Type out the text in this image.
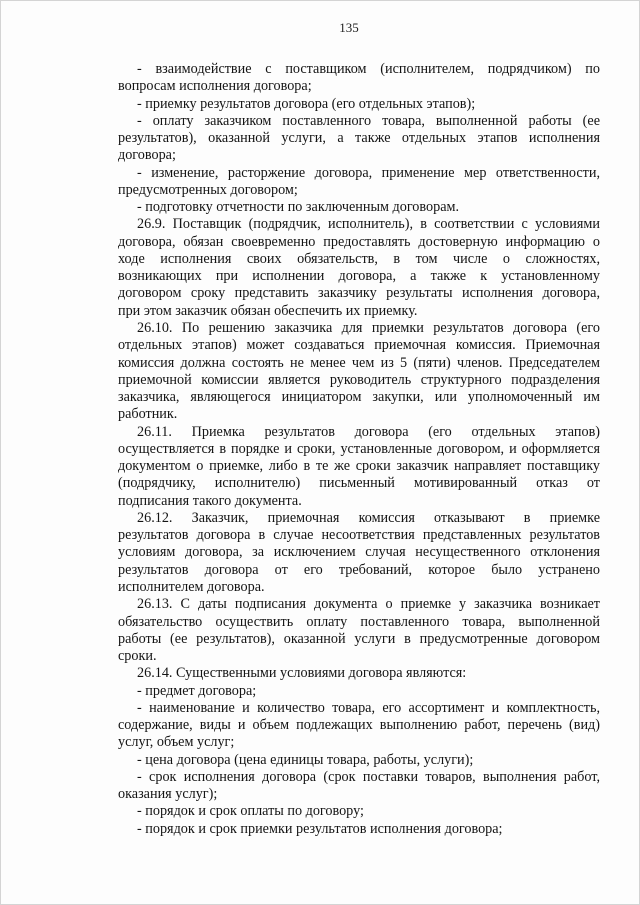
135
- взаимодействие с поставщиком (исполнителем, подрядчиком) по
вопросам исполнения договора;
- приемку результатов договора (его отдельных этапов);
- оплату заказчиком поставленного товара, выполненной работы (ее
результатов), оказанной услуги, а также отдельных этапов исполнения
договора;
- изменение, расторжение договора, применение мер ответственности,
предусмотренных договором;
- подготовку отчетности по заключенным договорам.
26.9. Поставщик (подрядчик, исполнитель), в соответствии с условиями
договора, обязан своевременно предоставлять достоверную информацию о
ходе исполнения своих обязательств, в том числе о сложностях,
возникающих при исполнении договора, а также к установленному
договором сроку представить заказчику результаты исполнения договора,
при этом заказчик обязан обеспечить их приемку.
26.10. По решению заказчика для приемки результатов договора (его
отдельных этапов) может создаваться приемочная комиссия. Приемочная
комиссия должна состоять не менее чем из 5 (пяти) членов. Председателем
приемочной комиссии является руководитель структурного подразделения
заказчика, являющегося инициатором закупки, или уполномоченный им
работник.
26.11. Приемка результатов договора (его отдельных этапов)
осуществляется в порядке и сроки, установленные договором, и оформляется
документом о приемке, либо в те же сроки заказчик направляет поставщику
(подрядчику, исполнителю) письменный мотивированный отказ от
подписания такого документа.
26.12. Заказчик, приемочная комиссия отказывают в приемке
результатов договора в случае несоответствия представленных результатов
условиям договора, за исключением случая несущественного отклонения
результатов договора от его требований, которое было устранено
исполнителем договора.
26.13. С даты подписания документа о приемке у заказчика возникает
обязательство осуществить оплату поставленного товара, выполненной
работы (ее результатов), оказанной услуги в предусмотренные договором
сроки.
26.14. Существенными условиями договора являются:
- предмет договора;
- наименование и количество товара, его ассортимент и комплектность,
содержание, виды и объем подлежащих выполнению работ, перечень (вид)
услуг, объем услуг;
- цена договора (цена единицы товара, работы, услуги);
- срок исполнения договора (срок поставки товаров, выполнения работ,
оказания услуг);
- порядок и срок оплаты по договору;
- порядок и срок приемки результатов исполнения договора;
